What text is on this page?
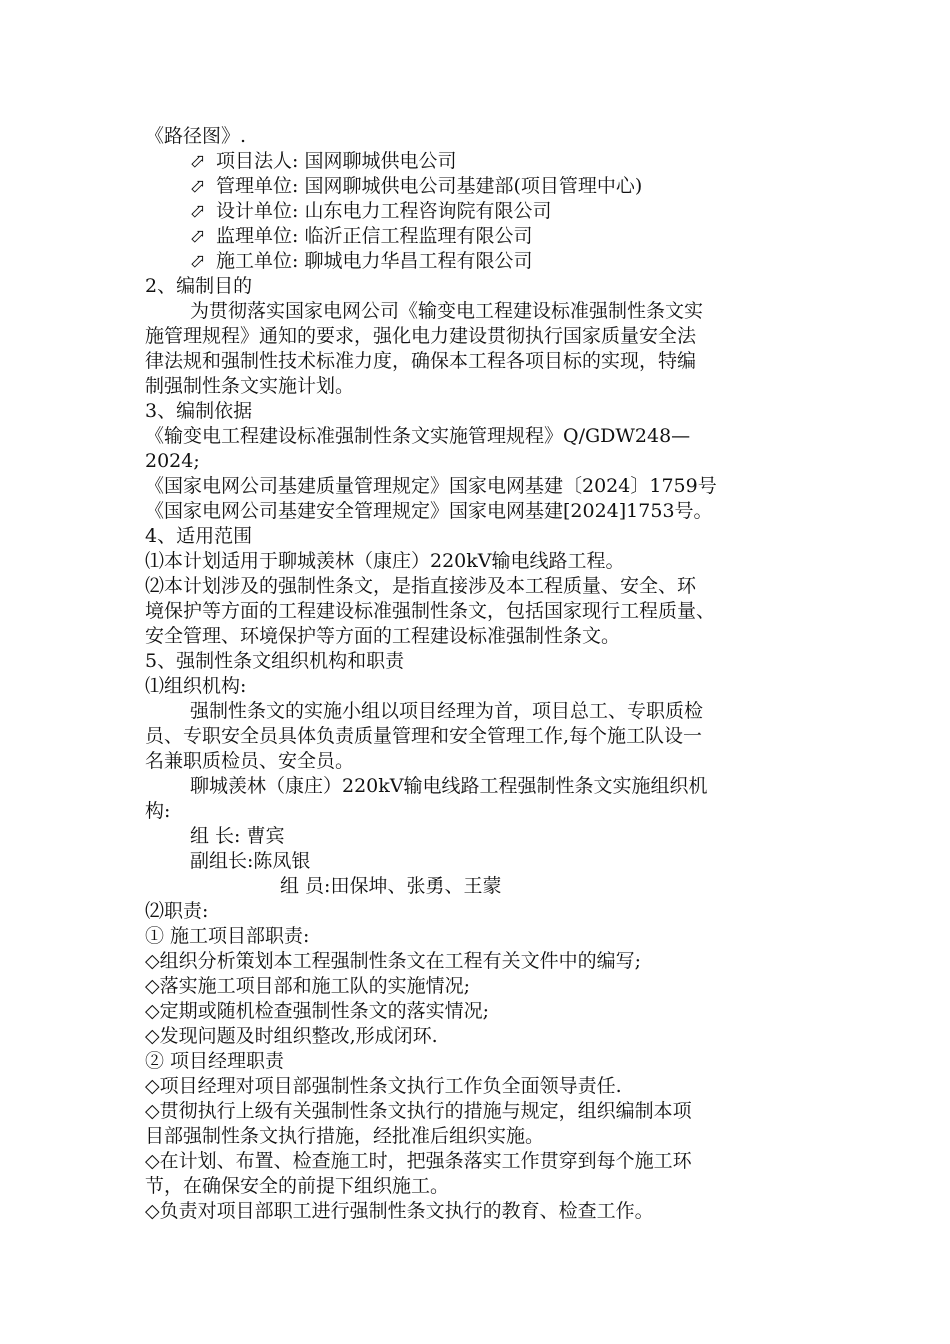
《路径图》.
⬀ 项目法人: 国网聊城供电公司
⬀ 管理单位: 国网聊城供电公司基建部(项目管理中心)
⬀ 设计单位: 山东电力工程咨询院有限公司
⬀ 监理单位: 临沂正信工程监理有限公司
⬀ 施工单位: 聊城电力华昌工程有限公司
2、编制目的
为贯彻落实国家电网公司《输变电工程建设标准强制性条文实
施管理规程》通知的要求，强化电力建设贯彻执行国家质量安全法
律法规和强制性技术标准力度，确保本工程各项目标的实现，特编
制强制性条文实施计划。
3、编制依据
《输变电工程建设标准强制性条文实施管理规程》Q/GDW248—
2024;
《国家电网公司基建质量管理规定》国家电网基建〔2024〕1759号
《国家电网公司基建安全管理规定》国家电网基建[2024]1753号。
4、适用范围
⑴本计划适用于聊城羡林（康庄）220kV输电线路工程。
⑵本计划涉及的强制性条文，是指直接涉及本工程质量、安全、环
境保护等方面的工程建设标准强制性条文，包括国家现行工程质量、
安全管理、环境保护等方面的工程建设标准强制性条文。
5、强制性条文组织机构和职责
⑴组织机构:
强制性条文的实施小组以项目经理为首，项目总工、专职质检
员、专职安全员具体负责质量管理和安全管理工作,每个施工队设一
名兼职质检员、安全员。
聊城羡林（康庄）220kV输电线路工程强制性条文实施组织机
构:
组 长: 曹宾
副组长:陈凤银
组 员:田保坤、张勇、王蒙
⑵职责:
① 施工项目部职责:
◇组织分析策划本工程强制性条文在工程有关文件中的编写;
◇落实施工项目部和施工队的实施情况;
◇定期或随机检查强制性条文的落实情况;
◇发现问题及时组织整改,形成闭环.
② 项目经理职责
◇项目经理对项目部强制性条文执行工作负全面领导责任.
◇贯彻执行上级有关强制性条文执行的措施与规定，组织编制本项
目部强制性条文执行措施，经批准后组织实施。
◇在计划、布置、检查施工时，把强条落实工作贯穿到每个施工环
节，在确保安全的前提下组织施工。
◇负责对项目部职工进行强制性条文执行的教育、检查工作。
